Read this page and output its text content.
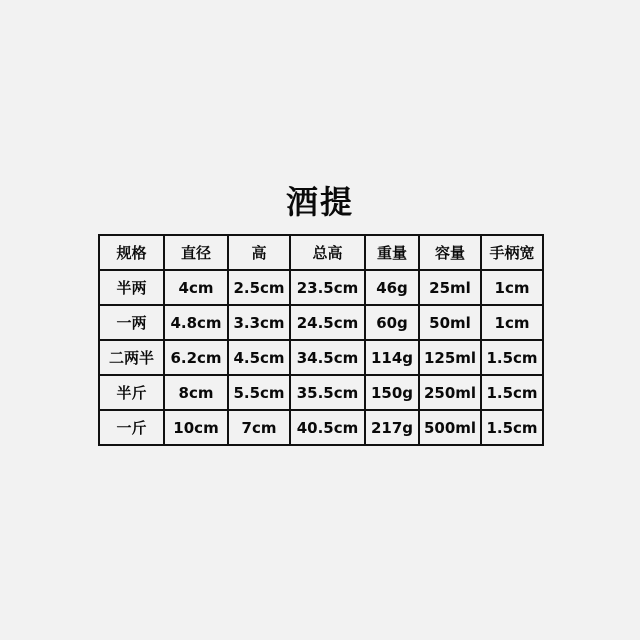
酒提
规格	直径	高	总高	重量	容量	手柄宽
半两	4cm	2.5cm	23.5cm	46g	25ml	1cm
一两	4.8cm	3.3cm	24.5cm	60g	50ml	1cm
二两半	6.2cm	4.5cm	34.5cm	114g	125ml	1.5cm
半斤	8cm	5.5cm	35.5cm	150g	250ml	1.5cm
一斤	10cm	7cm	40.5cm	217g	500ml	1.5cm
